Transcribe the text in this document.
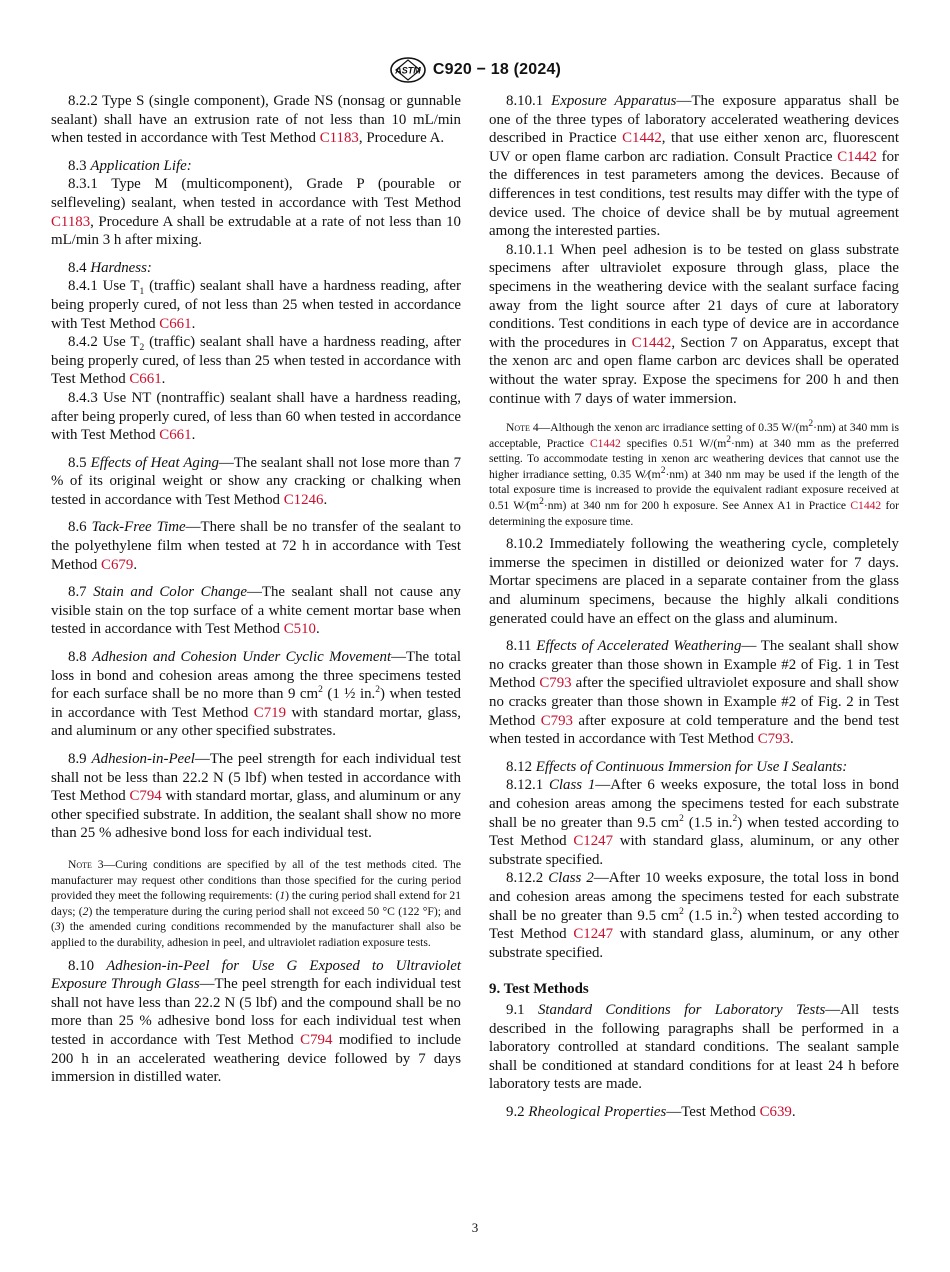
ASTM C920 − 18 (2024)

8.2.2 Type S (single component), Grade NS (nonsag or gunnable sealant) shall have an extrusion rate of not less than 10 mL/min when tested in accordance with Test Method C1183, Procedure A.

8.3 Application Life:

8.3.1 Type M (multicomponent), Grade P (pourable or selfleveling) sealant, when tested in accordance with Test Method C1183, Procedure A shall be extrudable at a rate of not less than 10 mL/min 3 h after mixing.

8.4 Hardness:

8.4.1 Use $T_1$ (traffic) sealant shall have a hardness reading, after being properly cured, of not less than 25 when tested in accordance with Test Method C661.

8.4.2 Use $T_2$ (traffic) sealant shall have a hardness reading, after being properly cured, of less than 25 when tested in accordance with Test Method C661.

8.4.3 Use NT (nontraffic) sealant shall have a hardness reading, after being properly cured, of less than 60 when tested in accordance with Test Method C661.

8.5 Effects of Heat Aging—The sealant shall not lose more than 7 % of its original weight or show any cracking or chalking when tested in accordance with Test Method C1246.

8.6 Tack-Free Time—There shall be no transfer of the sealant to the polyethylene film when tested at 72 h in accordance with Test Method C679.

8.7 Stain and Color Change—The sealant shall not cause any visible stain on the top surface of a white cement mortar base when tested in accordance with Test Method C510.

8.8 Adhesion and Cohesion Under Cyclic Movement—The total loss in bond and cohesion areas among the three specimens tested for each surface shall be no more than 9 $cm^2$ (1 ½ in.$^2$) when tested in accordance with Test Method C719 with standard mortar, glass, and aluminum or any other specified substrates.

8.9 Adhesion-in-Peel—The peel strength for each individual test shall not be less than 22.2 N (5 lbf) when tested in accordance with Test Method C794 with standard mortar, glass, and aluminum or any other specified substrate. In addition, the sealant shall show no more than 25 % adhesive bond loss for each individual test.

Note 3—Curing conditions are specified by all of the test methods cited. The manufacturer may request other conditions than those specified for the curing period provided they meet the following requirements: (1) the curing period shall extend for 21 days; (2) the temperature during the curing period shall not exceed 50 °C (122 °F); and (3) the amended curing conditions recommended by the manufacturer shall also be applied to the durability, adhesion in peel, and ultraviolet radiation exposure tests.

8.10 Adhesion-in-Peel for Use G Exposed to Ultraviolet Exposure Through Glass—The peel strength for each individual test shall not have less than 22.2 N (5 lbf) and the compound shall be no more than 25 % adhesive bond loss for each individual test when tested in accordance with Test Method C794 modified to include 200 h in an accelerated weathering device followed by 7 days immersion in distilled water.

8.10.1 Exposure Apparatus—The exposure apparatus shall be one of the three types of laboratory accelerated weathering devices described in Practice C1442, that use either xenon arc, fluorescent UV or open flame carbon arc radiation. Consult Practice C1442 for the differences in test parameters among the devices. Because of differences in test conditions, test results may differ with the type of device used. The choice of device shall be by mutual agreement among the interested parties.

8.10.1.1 When peel adhesion is to be tested on glass substrate specimens after ultraviolet exposure through glass, place the specimens in the weathering device with the sealant surface facing away from the light source after 21 days of cure at laboratory conditions. Test conditions in each type of device are in accordance with the procedures in C1442, Section 7 on Apparatus, except that the xenon arc and open flame carbon arc devices shall be operated without the water spray. Expose the specimens for 200 h and then continue with 7 days of water immersion.

Note 4—Although the xenon arc irradiance setting of 0.35 $W/(m^2\cdot nm)$ at 340 mm is acceptable, Practice C1442 specifies 0.51 $W/(m^2\cdot nm)$ at 340 mm as the preferred setting. To accommodate testing in xenon arc weathering devices that cannot use the higher irradiance setting, 0.35 $W⁄(m^2\cdot nm)$ at 340 nm may be used if the length of the total exposure time is increased to provide the equivalent radiant exposure received at 0.51 $W⁄(m^2\cdot nm)$ at 340 nm for 200 h exposure. See Annex A1 in Practice C1442 for determining the exposure time.

8.10.2 Immediately following the weathering cycle, completely immerse the specimen in distilled or deionized water for 7 days. Mortar specimens are placed in a separate container from the glass and aluminum specimens, because the highly alkali conditions generated could have an effect on the glass and aluminum.

8.11 Effects of Accelerated Weathering— The sealant shall show no cracks greater than those shown in Example #2 of Fig. 1 in Test Method C793 after the specified ultraviolet exposure and shall show no cracks greater than those shown in Example #2 of Fig. 2 in Test Method C793 after exposure at cold temperature and the bend test when tested in accordance with Test Method C793.

8.12 Effects of Continuous Immersion for Use I Sealants:

8.12.1 Class 1—After 6 weeks exposure, the total loss in bond and cohesion areas among the specimens tested for each substrate shall be no greater than 9.5 $cm^2$ (1.5 in.$^2$) when tested according to Test Method C1247 with standard glass, aluminum, or any other substrate specified.

8.12.2 Class 2—After 10 weeks exposure, the total loss in bond and cohesion areas among the specimens tested for each substrate shall be no greater than 9.5 $cm^2$ (1.5 in.$^2$) when tested according to Test Method C1247 with standard glass, aluminum, or any other substrate specified.

9. Test Methods

9.1 Standard Conditions for Laboratory Tests—All tests described in the following paragraphs shall be performed in a laboratory controlled at standard conditions. The sealant sample shall be conditioned at standard conditions for at least 24 h before laboratory tests are made.

9.2 Rheological Properties—Test Method C639.

3
